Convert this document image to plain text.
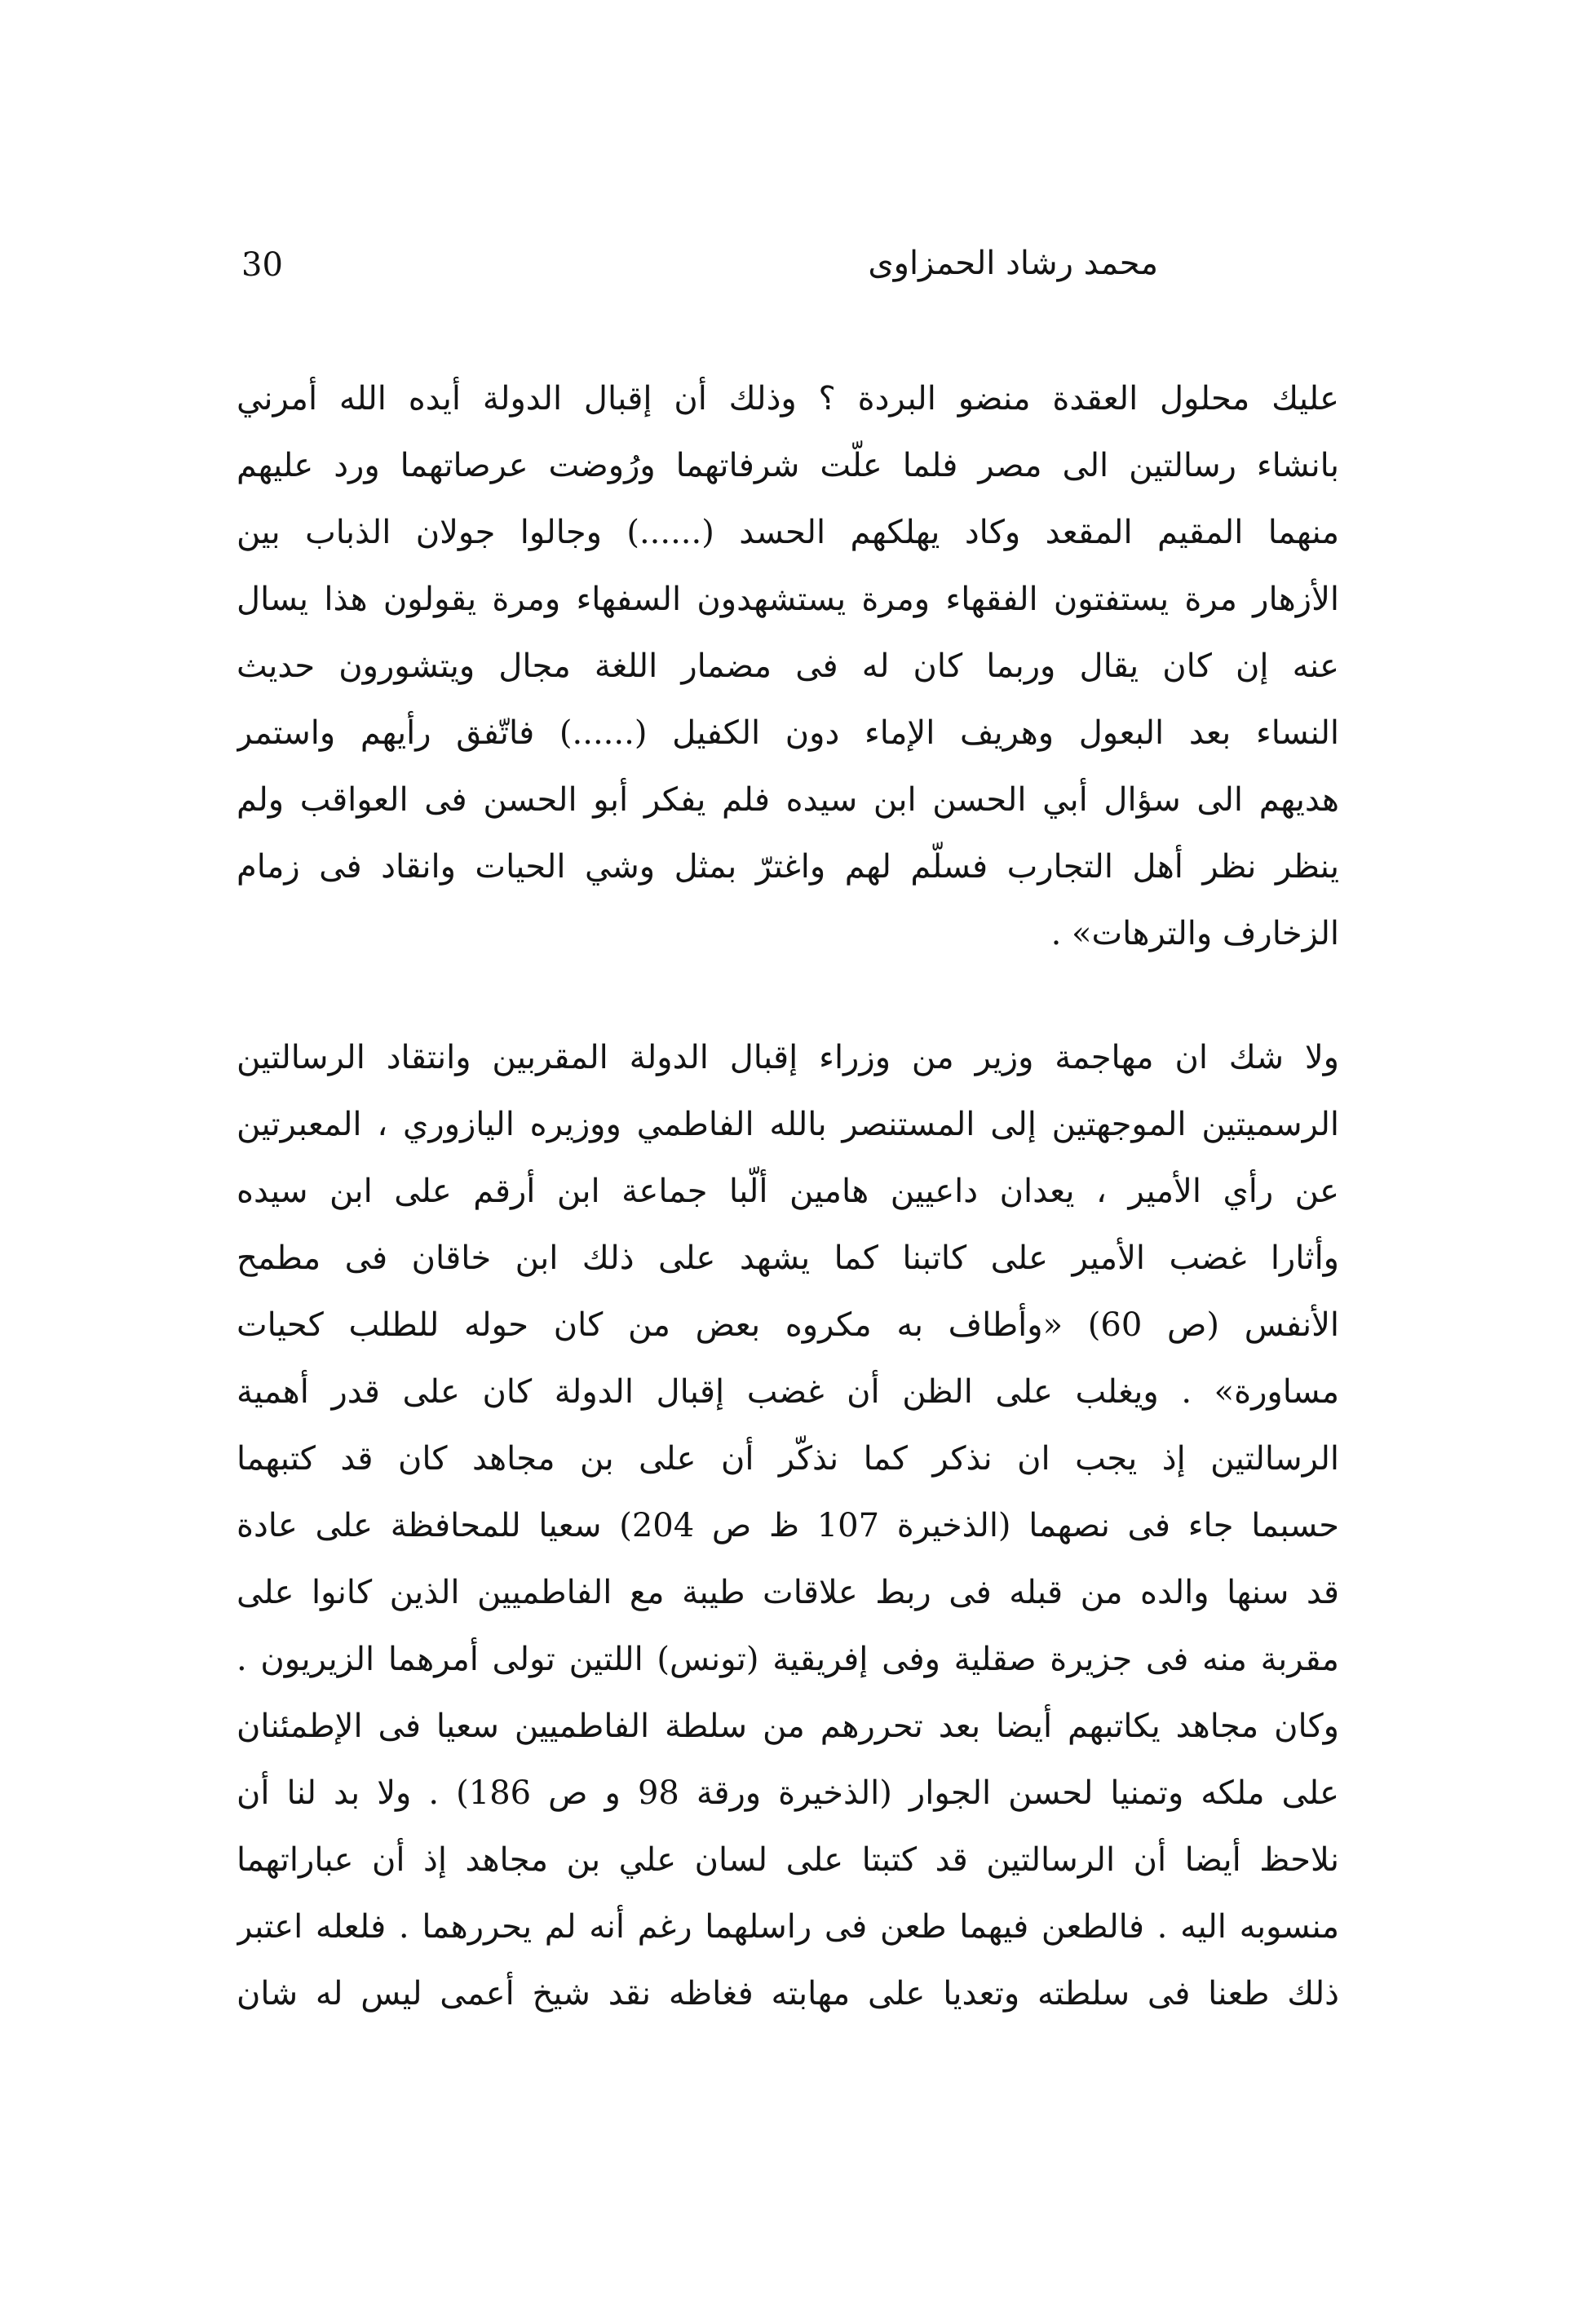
30	محمد رشاد الحمزاوى
عليك محلول العقدة منضو البردة ؟ وذلك أن إقبال الدولة أيده الله أمرني
بانشاء رسالتين الى مصر فلما علّت شرفاتهما ورُوضت عرصاتهما ورد عليهم
منهما المقيم المقعد وكاد يهلكهم الحسد (......) وجالوا جولان الذباب بين
الأزهار مرة يستفتون الفقهاء ومرة يستشهدون السفهاء ومرة يقولون هذا يسال
عنه إن كان يقال وربما كان له فى مضمار اللغة مجال ويتشورون حديث
النساء بعد البعول وهريف الإماء دون الكفيل (......) فاتّفق رأيهم واستمر
هديهم الى سؤال أبي الحسن ابن سيده فلم يفكر أبو الحسن فى العواقب ولم
ينظر نظر أهل التجارب فسلّم لهم واغترّ بمثل وشي الحيات وانقاد فى زمام
الزخارف والترهات» .
ولا شك ان مهاجمة وزير من وزراء إقبال الدولة المقربين وانتقاد الرسالتين
الرسميتين الموجهتين إلى المستنصر بالله الفاطمي ووزيره اليازوري ، المعبرتين
عن رأي الأمير ، يعدان داعيين هامين ألّبا جماعة ابن أرقم على ابن سيده
وأثارا غضب الأمير على كاتبنا كما يشهد على ذلك ابن خاقان فى مطمح
الأنفس (ص 60) «وأطاف به مكروه بعض من كان حوله للطلب كحيات
مساورة» . ويغلب على الظن أن غضب إقبال الدولة كان على قدر أهمية
الرسالتين إذ يجب ان نذكر كما نذكّر أن على بن مجاهد كان قد كتبهما
حسبما جاء فى نصهما (الذخيرة 107 ظ ص 204) سعيا للمحافظة على عادة
قد سنها والده من قبله فى ربط علاقات طيبة مع الفاطميين الذين كانوا على
مقربة منه فى جزيرة صقلية وفى إفريقية (تونس) اللتين تولى أمرهما الزيريون .
وكان مجاهد يكاتبهم أيضا بعد تحررهم من سلطة الفاطميين سعيا فى الإطمئنان
على ملكه وتمنيا لحسن الجوار (الذخيرة ورقة 98 و ص 186) . ولا بد لنا أن
نلاحظ أيضا أن الرسالتين قد كتبتا على لسان علي بن مجاهد إذ أن عباراتهما
منسوبه اليه . فالطعن فيهما طعن فى راسلهما رغم أنه لم يحررهما . فلعله اعتبر
ذلك طعنا فى سلطته وتعديا على مهابته فغاظه نقد شيخ أعمى ليس له شان
